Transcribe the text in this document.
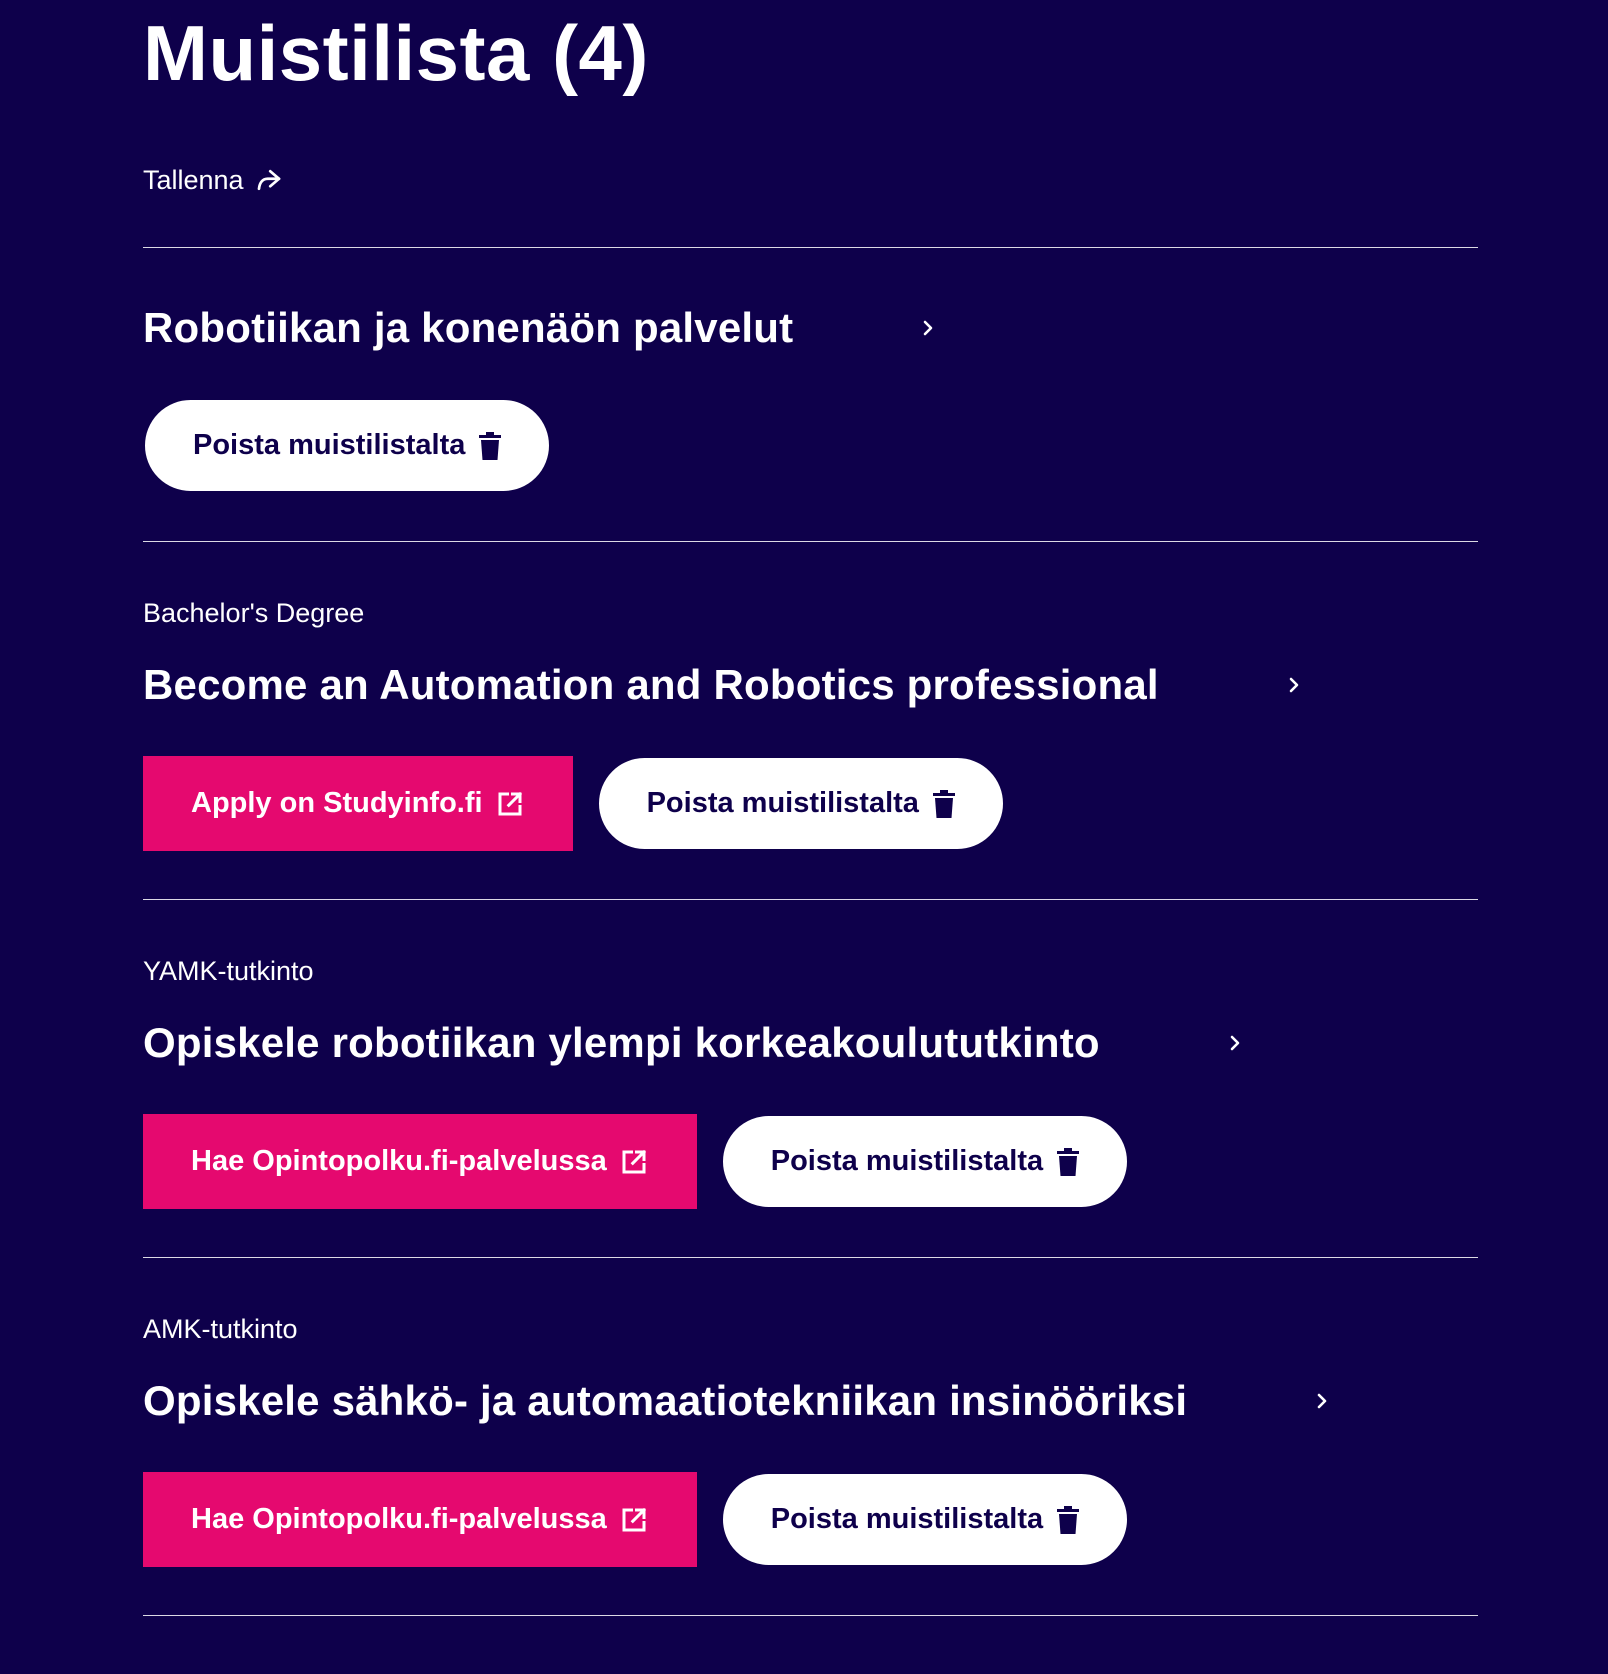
Muistilista (4)
Tallenna
Robotiikan ja konenäön palvelut
Poista muistilistalta
Bachelor's Degree
Become an Automation and Robotics professional
Apply on Studyinfo.fi	Poista muistilistalta
YAMK-tutkinto
Opiskele robotiikan ylempi korkeakoulututkinto
Hae Opintopolku.fi-palvelussa	Poista muistilistalta
AMK-tutkinto
Opiskele sähkö- ja automaatiotekniikan insinööriksi
Hae Opintopolku.fi-palvelussa	Poista muistilistalta
